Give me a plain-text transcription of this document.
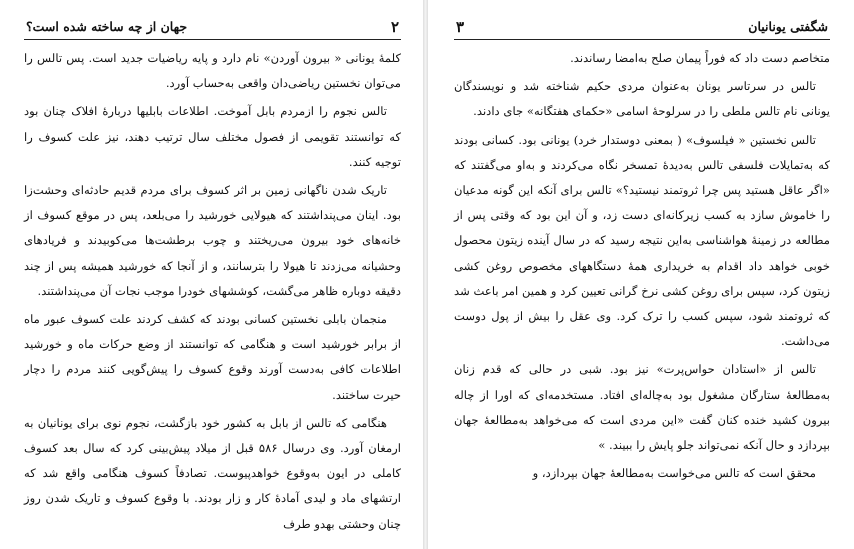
۲
جهان از چه ساخته شده است؟

کلمهٔ یونانی « بیرون آوردن» نام دارد و پایه ریاضیات جدید است. پس تالس را می‌توان نخستین ریاضی‌دان واقعی به‌حساب آورد.

تالس نجوم را ازمردم بابل آموخت. اطلاعات بابلیها دربارهٔ افلاک چنان بود که توانستند تقویمی از فصول مختلف سال ترتیب دهند، نیز علت کسوف را توجیه کنند.

تاریک شدن ناگهانی زمین بر اثر کسوف برای مردم قدیم حادثه‌ای وحشت‌زا بود. اینان می‌پنداشتند که هیولایی خورشید را می‌بلعد، پس در موقع کسوف از خانه‌های خود بیرون می‌ریختند و چوب برطشت‌ها می‌کوبیدند و فریادهای وحشیانه می‌زدند تا هیولا را بترسانند، و از آنجا که خورشید همیشه پس از چند دقیقه دوباره ظاهر می‌گشت، کوششهای خودرا موجب نجات آن می‌پنداشتند.

منجمان بابلی نخستین کسانی بودند که کشف کردند علت کسوف عبور ماه از برابر خورشید است و هنگامی که توانستند از وضع حرکات ماه و خورشید اطلاعات کافی به‌دست آورند وقوع کسوف را پیش‌گویی کنند مردم را دچار حیرت ساختند.

هنگامی که تالس از بابل به کشور خود بازگشت، نجوم نوی برای یونانیان به ارمغان آورد. وی درسال ۵۸۶ قبل از میلاد پیش‌بینی کرد که سال بعد کسوف کاملی در ایون به‌وقوع خواهدپیوست. تصادفاً کسوف هنگامی واقع شد که ارتشهای ماد و لیدی آمادهٔ کار و زار بودند. با وقوع کسوف و تاریک شدن روز چنان وحشتی بهدو طرف

شگفتی یونانیان
۳

متخاصم دست داد که فوراً پیمان صلح به‌امضا رساندند.

تالس در سرتاسر یونان به‌عنوان مردی حکیم شناخته شد و نویسندگان یونانی نام تالس ملطی را در سرلوحهٔ اسامی «حکمای هفتگانه» جای دادند.

تالس نخستین « فیلسوف» ( بمعنی دوستدار خرد) یونانی بود. کسانی بودند که به‌تمایلات فلسفی تالس به‌دیدهٔ تمسخر نگاه می‌کردند و به‌او می‌گفتند که «اگر عاقل هستید پس چرا ثروتمند نیستید؟» تالس برای آنکه این گونه مدعیان را خاموش سازد به کسب زیرکانه‌ای دست زد، و آن این بود که وقتی پس از مطالعه در زمینهٔ هواشناسی به‌این نتیجه رسید که در سال آینده زیتون محصول خوبی خواهد داد اقدام به خریداری همهٔ دستگاههای مخصوص روغن کشی زیتون کرد، سپس برای روغن کشی نرخ گرانی تعیین کرد و همین امر باعث شد که ثروتمند شود، سپس کسب را ترک کرد. وی عقل را بیش از پول دوست می‌داشت.

تالس از «استادان حواس‌پرت» نیز بود. شبی در حالی که قدم زنان به‌مطالعهٔ ستارگان مشغول بود به‌چاله‌ای افتاد. مستخدمه‌ای که اورا از چاله بیرون کشید خنده کنان گفت «این مردی است که می‌خواهد به‌مطالعهٔ جهان بپردازد و حال آنکه نمی‌تواند جلو پایش را ببیند. »

محقق است که تالس می‌خواست به‌مطالعهٔ جهان بپردازد، و
